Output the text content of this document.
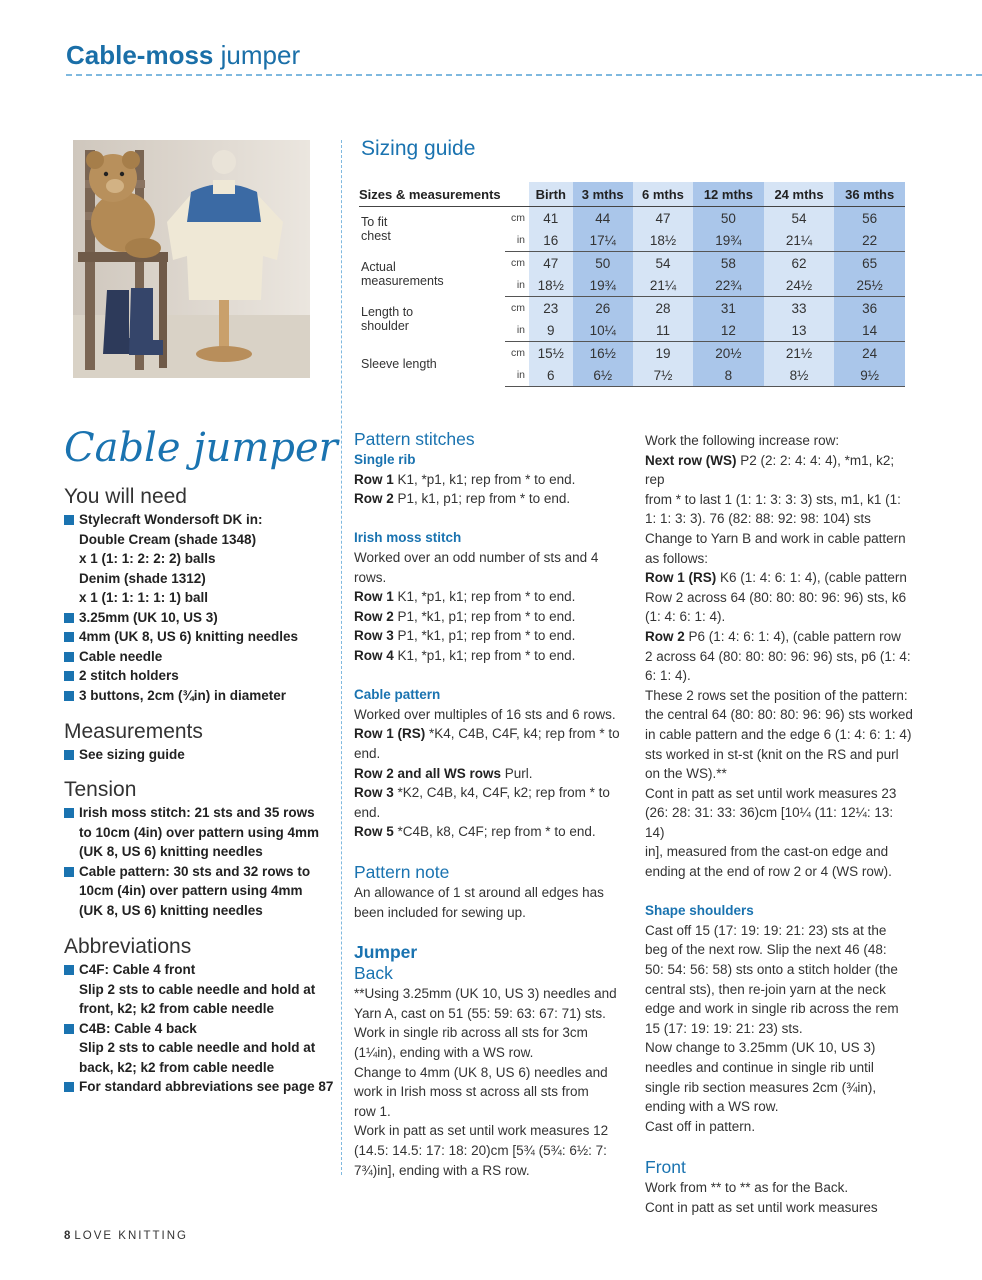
Cable-moss jumper
Sizing guide
Sizes & measurements		Birth	3 mths	6 mths	12 mths	24 mths	36 mths
To fit
chest	cm	41	44	47	50	54	56
	in	16	17¼	18½	19¾	21¼	22
Actual
measurements	cm	47	50	54	58	62	65
	in	18½	19¾	21¼	22¾	24½	25½
Length to
shoulder	cm	23	26	28	31	33	36
	in	9	10¼	11	12	13	14
Sleeve length	cm	15½	16½	19	20½	21½	24
	in	6	6½	7½	8	8½	9½
Cable jumper
You will need
Stylecraft Wondersoft DK in:
Double Cream (shade 1348)
x 1 (1: 1: 2: 2: 2) balls
Denim (shade 1312)
x 1 (1: 1: 1: 1: 1) ball
3.25mm (UK 10, US 3)
4mm (UK 8, US 6) knitting needles
Cable needle
2 stitch holders
3 buttons, 2cm (¾in) in diameter
Measurements
See sizing guide
Tension
Irish moss stitch: 21 sts and 35 rows
to 10cm (4in) over pattern using 4mm
(UK 8, US 6) knitting needles
Cable pattern: 30 sts and 32 rows to
10cm (4in) over pattern using 4mm
(UK 8, US 6) knitting needles
Abbreviations
C4F: Cable 4 front
Slip 2 sts to cable needle and hold at
front, k2; k2 from cable needle
C4B: Cable 4 back
Slip 2 sts to cable needle and hold at
back, k2; k2 from cable needle
For standard abbreviations see page 87

Pattern stitches

Single rib

Row 1 K1, *p1, k1; rep from * to end.

Row 2 P1, k1, p1; rep from * to end.

Irish moss stitch

Worked over an odd number of sts and 4
rows.

Row 1 K1, *p1, k1; rep from * to end.

Row 2 P1, *k1, p1; rep from * to end.

Row 3 P1, *k1, p1; rep from * to end.

Row 4 K1, *p1, k1; rep from * to end.

Cable pattern

Worked over multiples of 16 sts and 6 rows.

Row 1 (RS) *K4, C4B, C4F, k4; rep from * to
end.

Row 2 and all WS rows Purl.

Row 3 *K2, C4B, k4, C4F, k2; rep from * to
end.

Row 5 *C4B, k8, C4F; rep from * to end.

Pattern note

An allowance of 1 st around all edges has
been included for sewing up.

Jumper

Back

**Using 3.25mm (UK 10, US 3) needles and
Yarn A, cast on 51 (55: 59: 63: 67: 71) sts.
Work in single rib across all sts for 3cm
(1¼in), ending with a WS row.
Change to 4mm (UK 8, US 6) needles and
work in Irish moss st across all sts from
row 1.
Work in patt as set until work measures 12
(14.5: 14.5: 17: 18: 20)cm [5¾ (5¾: 6½: 7:
7¾)in], ending with a RS row.

Work the following increase row:

Next row (WS) P2 (2: 2: 4: 4: 4), *m1, k2; rep
from * to last 1 (1: 1: 3: 3: 3) sts, m1, k1 (1:
1: 1: 3: 3). 76 (82: 88: 92: 98: 104) sts
Change to Yarn B and work in cable pattern
as follows:

Row 1 (RS) K6 (1: 4: 6: 1: 4), (cable pattern
Row 2 across 64 (80: 80: 80: 96: 96) sts, k6
(1: 4: 6: 1: 4).

Row 2 P6 (1: 4: 6: 1: 4), (cable pattern row
2 across 64 (80: 80: 80: 96: 96) sts, p6 (1: 4:
6: 1: 4).
These 2 rows set the position of the pattern:
the central 64 (80: 80: 80: 96: 96) sts worked
in cable pattern and the edge 6 (1: 4: 6: 1: 4)
sts worked in st-st (knit on the RS and purl
on the WS).**
Cont in patt as set until work measures 23
(26: 28: 31: 33: 36)cm [10¼ (11: 12¼: 13: 14)
in], measured from the cast-on edge and
ending at the end of row 2 or 4 (WS row).

Shape shoulders

Cast off 15 (17: 19: 19: 21: 23) sts at the
beg of the next row. Slip the next 46 (48:
50: 54: 56: 58) sts onto a stitch holder (the
central sts), then re-join yarn at the neck
edge and work in single rib across the rem
15 (17: 19: 19: 21: 23) sts.
Now change to 3.25mm (UK 10, US 3)
needles and continue in single rib until
single rib section measures 2cm (¾in),
ending with a WS row.
Cast off in pattern.

Front

Work from ** to ** as for the Back.
Cont in patt as set until work measures

8 LOVE KNITTING
